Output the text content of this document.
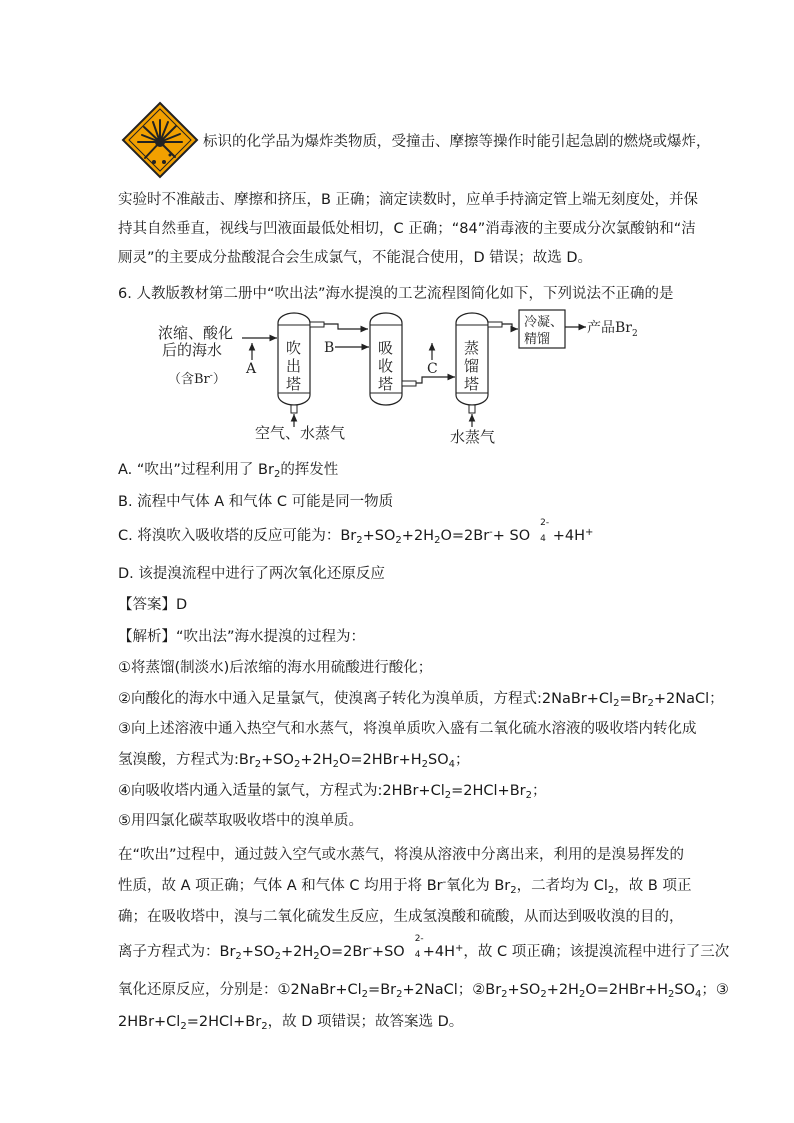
标识的化学品为爆炸类物质，受撞击、摩擦等操作时能引起急剧的燃烧或爆炸，
实验时不准敲击、摩擦和挤压，B 正确；滴定读数时，应单手持滴定管上端无刻度处，并保
持其自然垂直，视线与凹液面最低处相切，C 正确；“84”消毒液的主要成分次氯酸钠和“洁
厕灵”的主要成分盐酸混合会生成氯气，不能混合使用，D 错误；故选 D。
6. 人教版教材第二册中“吹出法”海水提溴的工艺流程图简化如下，下列说法不正确的是
浓缩、酸化
后的海水
（含Br-）
A
吹
出
塔
空气、水蒸气
B	吸
收
塔
C
蒸
馏
塔
水蒸气
冷凝、
精馏
产品$Br_2$
A. “吹出”过程利用了 $Br_2$的挥发性
B. 流程中气体 A 和气体 C 可能是同一物质
C. 将溴吹入吸收塔的反应可能为：$Br_2+SO_2+2H_2O=2Br^-+$ SO
2-
4 +4H+
D. 该提溴流程中进行了两次氧化还原反应
【答案】D
【解析】“吹出法”海水提溴的过程为：
①将蒸馏(制淡水)后浓缩的海水用硫酸进行酸化；
②向酸化的海水中通入足量氯气，使溴离子转化为溴单质，方程式$:2NaBr+Cl_2=Br_2+2NaCl$；
③向上述溶液中通入热空气和水蒸气，将溴单质吹入盛有二氧化硫水溶液的吸收塔内转化成
氢溴酸，方程式为$:Br_2+SO_2+2H_2O=2HBr+H_2SO_4$；
④向吸收塔内通入适量的氯气，方程式为$:2HBr+Cl_2=2HCl+Br_2$；
⑤用四氯化碳萃取吸收塔中的溴单质。
在“吹出”过程中，通过鼓入空气或水蒸气，将溴从溶液中分离出来，利用的是溴易挥发的
性质，故 A 项正确；气体 A 和气体 C 均用于将 Br-氧化为 $Br_2$，二者均为 $Cl_2$，故 B 项正
确；在吸收塔中，溴与二氧化硫发生反应，生成氢溴酸和硫酸，从而达到吸收溴的目的，
离子方程式为：$Br_2+SO_2+2H_2O=2Br^-+SO$
2-
4 +4H+，故 C 项正确；该提溴流程中进行了三次
氧化还原反应，分别是：$①2NaBr+Cl_2=Br_2+2NaCl$；$②Br_2+SO_2+2H_2O=2HBr+H_2SO_4$；③
$2HBr+Cl_2=2HCl+Br_2$，故 D 项错误；故答案选 D。
